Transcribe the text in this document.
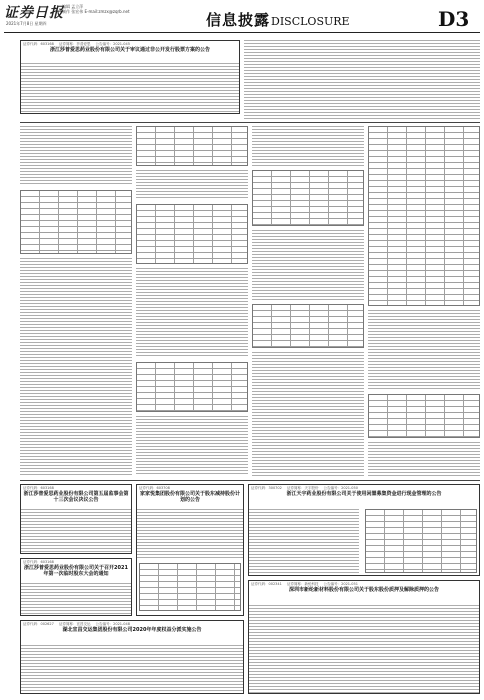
证券日报
2021年7月8日 星期四
编辑 孟立萍
制作 张宏伟 E-mail:zmzx@zqrb.net	信息披露DISCLOSURE	D3
证券代码：603168 证券简称：莎普爱思 公告编号：2021-045
浙江莎普爱思药业股份有限公司关于审议通过非公开发行股票方案的公告
证券代码：603168
浙江莎普爱思药业股份有限公司第五届监事会第十三次会议决议公告
证券代码：603168
浙江莎普爱思药业股份有限公司关于召开2021年第一次临时股东大会的通知
证券代码：002627 证券简称：宜昌交运 公告编号：2021-048
湖北宜昌交运集团股份有限公司2020年年度权益分派实施公告
证券代码：603708
家家悦集团股份有限公司关于股东减持股份计划的公告
证券代码：300702 证券简称：天宇股份 公告编号：2021-050
浙江天宇药业股份有限公司关于使用闲置募集资金进行现金管理的公告
证券代码：002341 证券简称：新纶科技 公告编号：2021-051
深圳市新纶新材料股份有限公司关于股东股份质押及解除质押的公告
